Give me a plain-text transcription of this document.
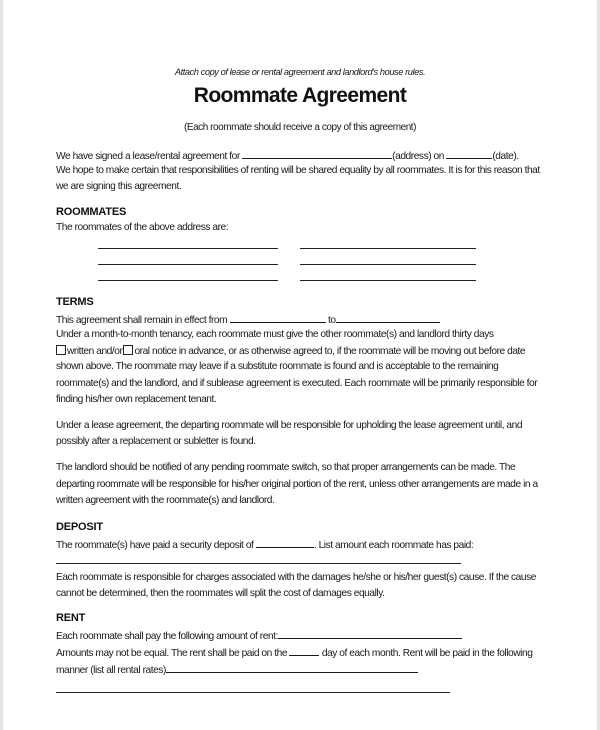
Attach copy of lease or rental agreement and landlord's house rules.
Roommate Agreement
(Each roommate should receive a copy of this agreement)
We have signed a lease/rental agreement for	(address) on	(date).
We hope to make certain that responsibilities of renting will be shared equality by all roommates. It is for this reason that
we are signing this agreement.
ROOMMATES
The roommates of the above address are:
TERMS
This agreement shall remain in effect from	to
Under a month-to-month tenancy, each roommate must give the other roommate(s) and landlord thirty days
written and/or oral notice in advance, or as otherwise agreed to, if the roommate will be moving out before date
shown above. The roommate may leave if a substitute roommate is found and is acceptable to the remaining
roommate(s) and the landlord, and if sublease agreement is executed. Each roommate will be primarily responsible for
finding his/her own replacement tenant.
Under a lease agreement, the departing roommate will be responsible for upholding the lease agreement until, and
possibly after a replacement or subletter is found.
The landlord should be notified of any pending roommate switch, so that proper arrangements can be made. The
departing roommate will be responsible for his/her original portion of the rent, unless other arrangements are made in a
written agreement with the roommate(s) and landlord.
DEPOSIT
The roommate(s) have paid a security deposit of	. List amount each roommate has paid:
Each roommate is responsible for charges associated with the damages he/she or his/her guest(s) cause. If the cause
cannot be determined, then the roommates will split the cost of damages equally.
RENT
Each roommate shall pay the following amount of rent:
Amounts may not be equal. The rent shall be paid on the	day of each month. Rent will be paid in the following
manner (list all rental rates)
